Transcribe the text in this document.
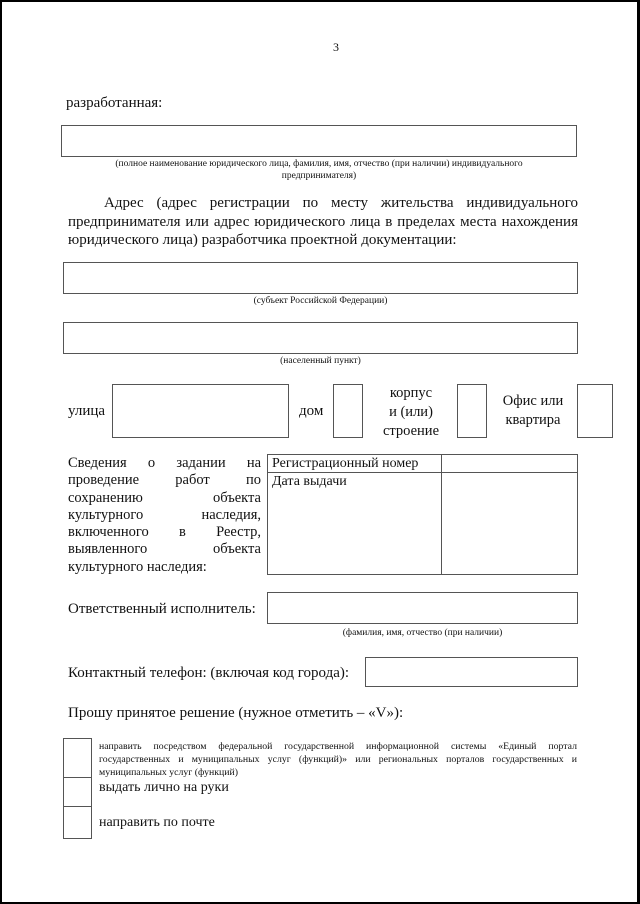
3
разработанная:
(полное наименование юридического лица, фамилия, имя, отчество (при наличии) индивидуального
предпринимателя)
Адрес (адрес регистрации по месту жительства индивидуального
предпринимателя или адрес юридического лица в пределах места нахождения
юридического лица) разработчика проектной документации:
(субъект Российской Федерации)
(населенный пункт)
улица	дом
корпус
и (или)
строение
Офис или
квартира
Сведения о задании на
проведение работ по
сохранению	объекта
культурного	наследия,
включенного в Реестр,
выявленного	объекта
культурного наследия:
Регистрационный номер
Дата выдачи
Ответственный исполнитель:
(фамилия, имя, отчество (при наличии)
Контактный телефон: (включая код города):
Прошу принятое решение (нужное отметить – «V»):
направить посредством федеральной государственной информационной системы «Единый портал
государственных и муниципальных услуг (функций)» или региональных порталов государственных и
муниципальных услуг (функций)
выдать лично на руки
направить по почте
